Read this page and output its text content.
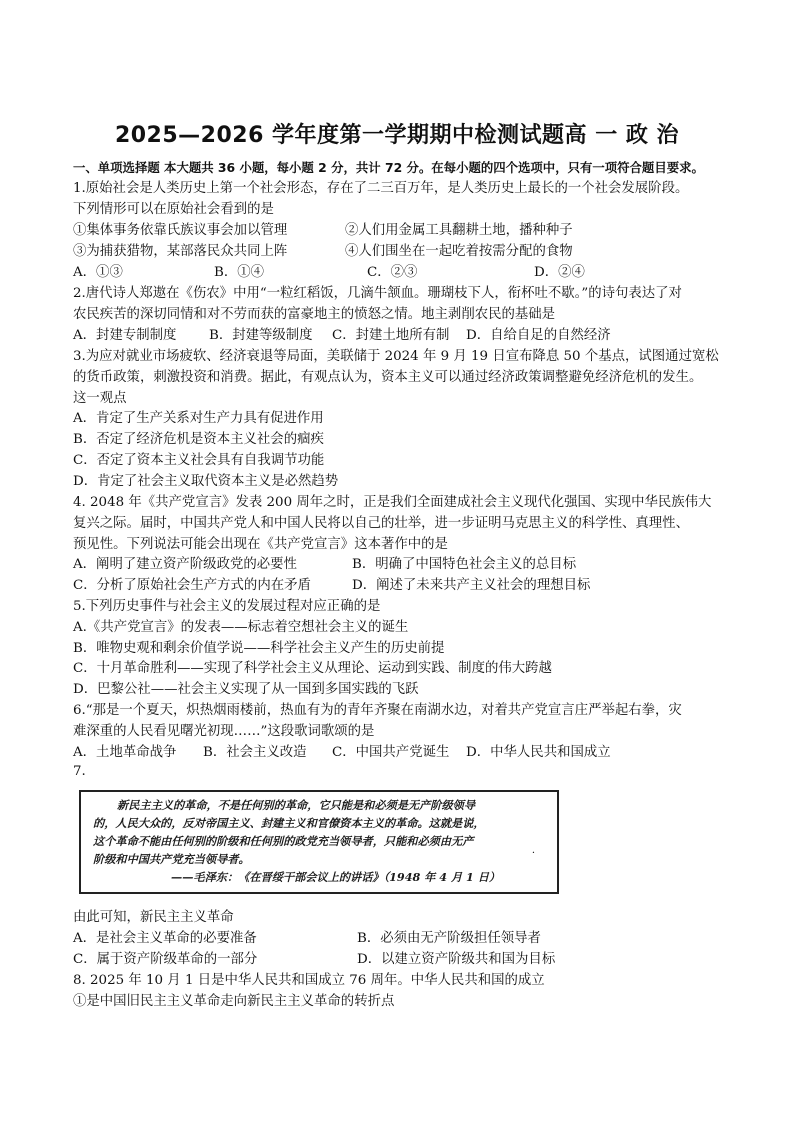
2025—2026 学年度第一学期期中检测试题高 一 政 治
一、单项选择题 本大题共 36 小题，每小题 2 分，共计 72 分。在每小题的四个选项中，只有一项符合题目要求。
1.原始社会是人类历史上第一个社会形态，存在了二三百万年，是人类历史上最长的一个社会发展阶段。
下列情形可以在原始社会看到的是
①集体事务依靠氏族议事会加以管理	②人们用金属工具翻耕土地，播种种子
③为捕获猎物，某部落民众共同上阵	④人们围坐在一起吃着按需分配的食物
A．①③	B．①④	C．②③	D．②④
2.唐代诗人郑遨在《伤农》中用“一粒红稻饭，几滴牛颔血。珊瑚枝下人，衔杯吐不歇。”的诗句表达了对
农民疾苦的深切同情和对不劳而获的富豪地主的愤怒之情。地主剥削农民的基础是
A．封建专制制度 B．封建等级制度 C．封建土地所有制 D．自给自足的自然经济
3.为应对就业市场疲软、经济衰退等局面，美联储于 2024 年 9 月 19 日宣布降息 50 个基点，试图通过宽松
的货币政策，刺激投资和消费。据此，有观点认为，资本主义可以通过经济政策调整避免经济危机的发生。
这一观点
A．肯定了生产关系对生产力具有促进作用
B．否定了经济危机是资本主义社会的痼疾
C．否定了资本主义社会具有自我调节功能
D．肯定了社会主义取代资本主义是必然趋势
4. 2048 年《共产党宣言》发表 200 周年之时，正是我们全面建成社会主义现代化强国、实现中华民族伟大
复兴之际。届时，中国共产党人和中国人民将以自己的壮举，进一步证明马克思主义的科学性、真理性、
预见性。下列说法可能会出现在《共产党宣言》这本著作中的是
A．阐明了建立资产阶级政党的必要性	B．明确了中国特色社会主义的总目标
C．分析了原始社会生产方式的内在矛盾	D．阐述了未来共产主义社会的理想目标
5.下列历史事件与社会主义的发展过程对应正确的是
A.《共产党宣言》的发表——标志着空想社会主义的诞生
B．唯物史观和剩余价值学说——科学社会主义产生的历史前提
C．十月革命胜利——实现了科学社会主义从理论、运动到实践、制度的伟大跨越
D．巴黎公社——社会主义实现了从一国到多国实践的飞跃
6.“那是一个夏天，炽热烟雨楼前，热血有为的青年齐聚在南湖水边，对着共产党宣言庄严举起右拳，灾
难深重的人民看见曙光初现……”这段歌词歌颂的是
A．土地革命战争 B．社会主义改造 C．中国共产党诞生 D．中华人民共和国成立
7.
新民主主义的革命，不是任何别的革命，它只能是和必须是无产阶级领导
的，人民大众的，反对帝国主义、封建主义和官僚资本主义的革命。这就是说，
这个革命不能由任何别的阶级和任何别的政党充当领导者，只能和必须由无产
阶级和中国共产党充当领导者。
——毛泽东：《在晋绥干部会议上的讲话》（1948 年 4 月 1 日）
·
由此可知，新民主主义革命
A．是社会主义革命的必要准备	B．必须由无产阶级担任领导者
C．属于资产阶级革命的一部分	D．以建立资产阶级共和国为目标
8. 2025 年 10 月 1 日是中华人民共和国成立 76 周年。中华人民共和国的成立
①是中国旧民主主义革命走向新民主主义革命的转折点
